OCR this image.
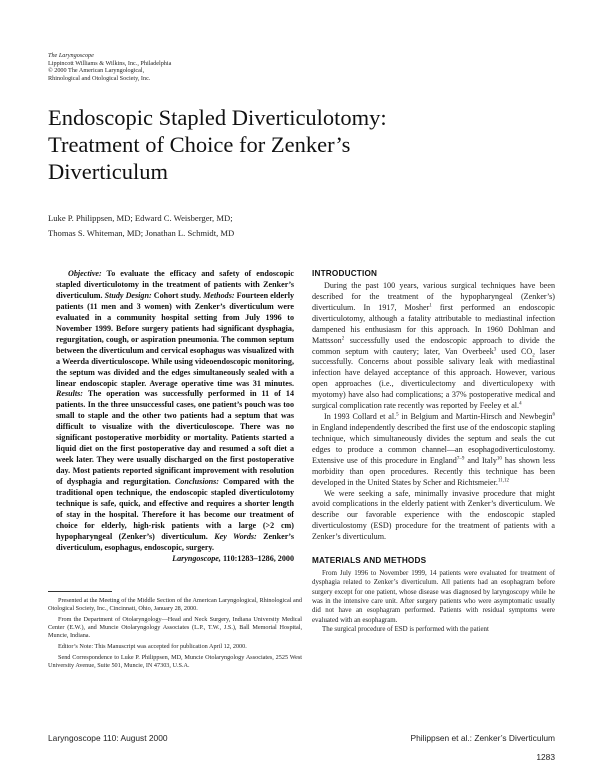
The Laryngoscope
Lippincott Williams & Wilkins, Inc., Philadelphia
© 2000 The American Laryngological,
Rhinological and Otological Society, Inc.
Endoscopic Stapled Diverticulotomy:
Treatment of Choice for Zenker’s
Diverticulum
Luke P. Philippsen, MD; Edward C. Weisberger, MD;
Thomas S. Whiteman, MD; Jonathan L. Schmidt, MD
Objective: To evaluate the efficacy and safety of endoscopic stapled diverticulotomy in the treatment of patients with Zenker’s diverticulum. Study Design: Cohort study. Methods: Fourteen elderly patients (11 men and 3 women) with Zenker’s diverticulum were evaluated in a community hospital setting from July 1996 to November 1999. Before surgery patients had significant dysphagia, regurgitation, cough, or aspiration pneumonia. The common septum between the diverticulum and cervical esophagus was visualized with a Weerda diverticuloscope. While using videoendoscopic monitoring, the septum was divided and the edges simultaneously sealed with a linear endoscopic stapler. Average operative time was 31 minutes. Results: The operation was successfully performed in 11 of 14 patients. In the three unsuccessful cases, one patient’s pouch was too small to staple and the other two patients had a septum that was difficult to visualize with the diverticuloscope. There was no significant postoperative morbidity or mortality. Patients started a liquid diet on the first postoperative day and resumed a soft diet a week later. They were usually discharged on the first postoperative day. Most patients reported significant improvement with resolution of dysphagia and regurgitation. Conclusions: Compared with the traditional open technique, the endoscopic stapled diverticulotomy technique is safe, quick, and effective and requires a shorter length of stay in the hospital. Therefore it has become our treatment of choice for elderly, high-risk patients with a large (>2 cm) hypopharyngeal (Zenker’s) diverticulum. Key Words: Zenker’s diverticulum, esophagus, endoscopic, surgery.
Laryngoscope, 110:1283–1286, 2000

Presented at the Meeting of the Middle Section of the American Laryngological, Rhinological and Otological Society, Inc., Cincinnati, Ohio, January 28, 2000.

From the Department of Otolaryngology—Head and Neck Surgery, Indiana University Medical Center (E.W.), and Muncie Otolaryngology Associates (L.P., T.W., J.S.), Ball Memorial Hospital, Muncie, Indiana.

Editor’s Note: This Manuscript was accepted for publication April 12, 2000.

Send Correspondence to Luke P. Philippsen, MD, Muncie Otolaryngology Associates, 2525 West University Avenue, Suite 501, Muncie, IN 47303, U.S.A.

INTRODUCTION

During the past 100 years, various surgical techniques have been described for the treatment of the hypopharyngeal (Zenker’s) diverticulum. In 1917, Mosher$^1$ first performed an endoscopic diverticulotomy, although a fatality attributable to mediastinal infection dampened his enthusiasm for this approach. In 1960 Dohlman and Mattsson$^2$ successfully used the endoscopic approach to divide the common septum with cautery; later, Van Overbeek$^3$ used $CO_2$ laser successfully. Concerns about possible salivary leak with mediastinal infection have delayed acceptance of this approach. However, various open approaches (i.e., diverticulectomy and diverticulopexy with myotomy) have also had complications; a 37% postoperative medical and surgical complication rate recently was reported by Feeley et al.$^4$

In 1993 Collard et al.$^5$ in Belgium and Martin-Hirsch and Newbegin$^6$ in England independently described the first use of the endoscopic stapling technique, which simultaneously divides the septum and seals the cut edges to produce a common channel—an esophagodiverticulostomy. Extensive use of this procedure in England$^{7-9}$ and Italy$^{10}$ has shown less morbidity than open procedures. Recently this technique has been developed in the United States by Scher and Richtsmeier.$^{11,12}$

We were seeking a safe, minimally invasive procedure that might avoid complications in the elderly patient with Zenker’s diverticulum. We describe our favorable experience with the endoscopic stapled diverticulostomy (ESD) procedure for the treatment of patients with a Zenker’s diverticulum.

MATERIALS AND METHODS

From July 1996 to November 1999, 14 patients were evaluated for treatment of dysphagia related to Zenker’s diverticulum. All patients had an esophagram before surgery except for one patient, whose disease was diagnosed by laryngoscopy while he was in the intensive care unit. After surgery patients who were asymptomatic usually did not have an esophagram performed. Patients with residual symptoms were evaluated with an esophagram.

The surgical procedure of ESD is performed with the patient

Laryngoscope 110: August 2000	Philippsen et al.: Zenker’s Diverticulum
1283
